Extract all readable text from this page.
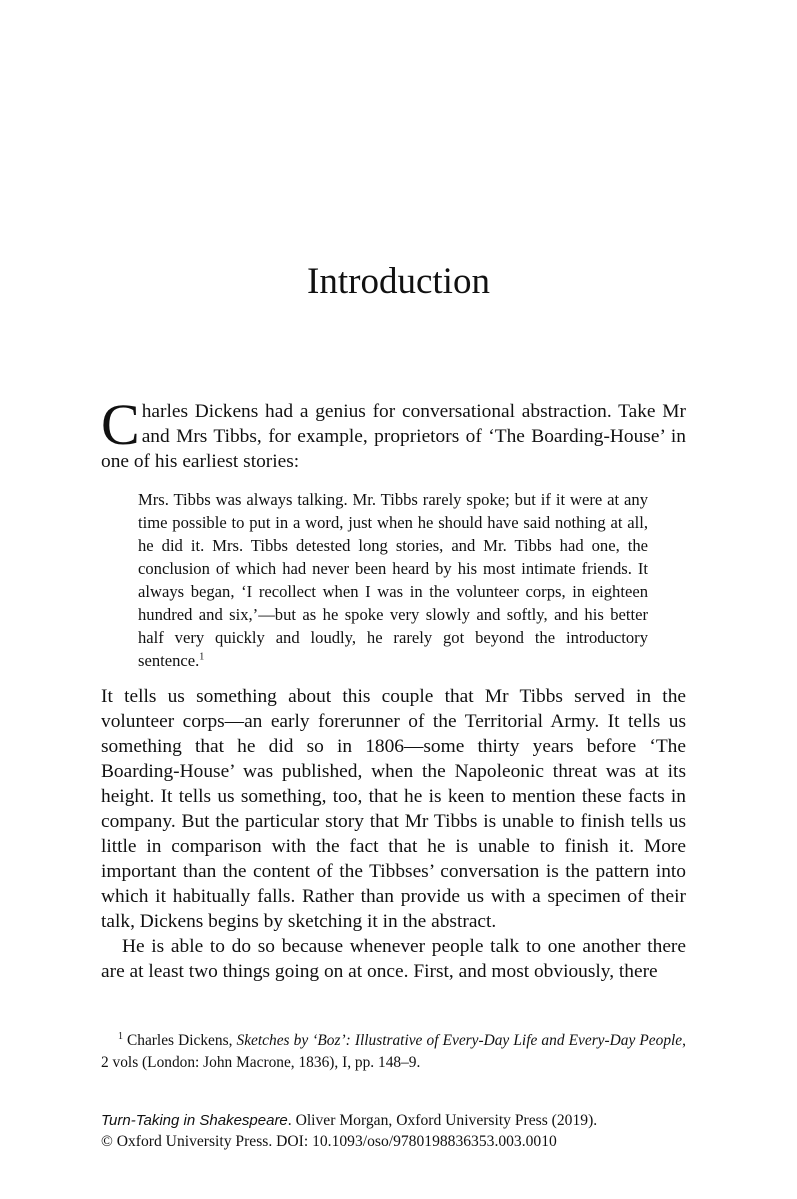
Introduction

Charles Dickens had a genius for conversational abstraction. Take Mr and Mrs Tibbs, for example, proprietors of ‘The Boarding-House’ in one of his earliest stories:

Mrs. Tibbs was always talking. Mr. Tibbs rarely spoke; but if it were at any time possible to put in a word, just when he should have said nothing at all, he did it. Mrs. Tibbs detested long stories, and Mr. Tibbs had one, the conclusion of which had never been heard by his most intimate friends. It always began, ‘I recollect when I was in the volunteer corps, in eighteen hundred and six,’—but as he spoke very slowly and softly, and his better half very quickly and loudly, he rarely got beyond the introductory sentence.$^1$

It tells us something about this couple that Mr Tibbs served in the volunteer corps—an early forerunner of the Territorial Army. It tells us something that he did so in 1806—some thirty years before ‘The Boarding-House’ was published, when the Napoleonic threat was at its height. It tells us something, too, that he is keen to mention these facts in company. But the particular story that Mr Tibbs is unable to finish tells us little in comparison with the fact that he is unable to finish it. More important than the content of the Tibbses’ conversation is the pattern into which it habitually falls. Rather than provide us with a specimen of their talk, Dickens begins by sketching it in the abstract.

He is able to do so because whenever people talk to one another there are at least two things going on at once. First, and most obviously, there

$^1$ Charles Dickens, Sketches by ‘Boz’: Illustrative of Every-Day Life and Every-Day People, 2 vols (London: John Macrone, 1836), I, pp. 148–9.

Turn-Taking in Shakespeare. Oliver Morgan, Oxford University Press (2019).
© Oxford University Press. DOI: 10.1093/oso/9780198836353.003.0010
